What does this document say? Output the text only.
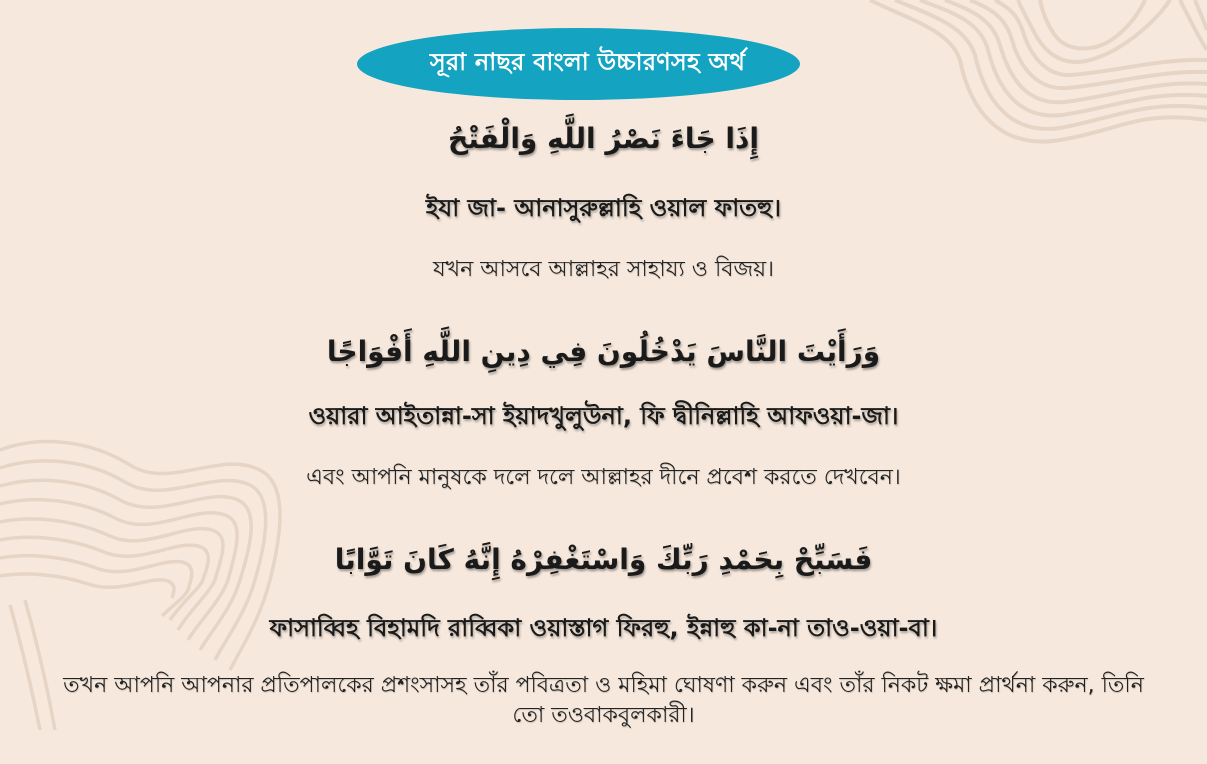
সূরা নাছর বাংলা উচ্চারণসহ অর্থ
إِذَا جَاءَ نَصْرُ اللَّهِ وَالْفَتْحُ
ইযা জা- আনাসুরুল্লাহি ওয়াল ফাতহু।
যখন আসবে আল্লাহর সাহায্য ও বিজয়।
وَرَأَيْتَ النَّاسَ يَدْخُلُونَ فِي دِينِ اللَّهِ أَفْوَاجًا
ওয়ারা আইতান্না-সা ইয়াদখুলুউনা, ফি দ্বীনিল্লাহি আফওয়া-জা।
এবং আপনি মানুষকে দলে দলে আল্লাহর দীনে প্রবেশ করতে দেখবেন।
فَسَبِّحْ بِحَمْدِ رَبِّكَ وَاسْتَغْفِرْهُ إِنَّهُ كَانَ تَوَّابًا
ফাসাব্বিহ বিহামদি রাব্বিকা ওয়াস্তাগ ফিরহু, ইন্নাহু কা-না তাও-ওয়া-বা।
তখন আপনি আপনার প্রতিপালকের প্রশংসাসহ তাঁর পবিত্রতা ও মহিমা ঘোষণা করুন এবং তাঁর নিকট ক্ষমা প্রার্থনা করুন, তিনি তো তওবাকবুলকারী।
